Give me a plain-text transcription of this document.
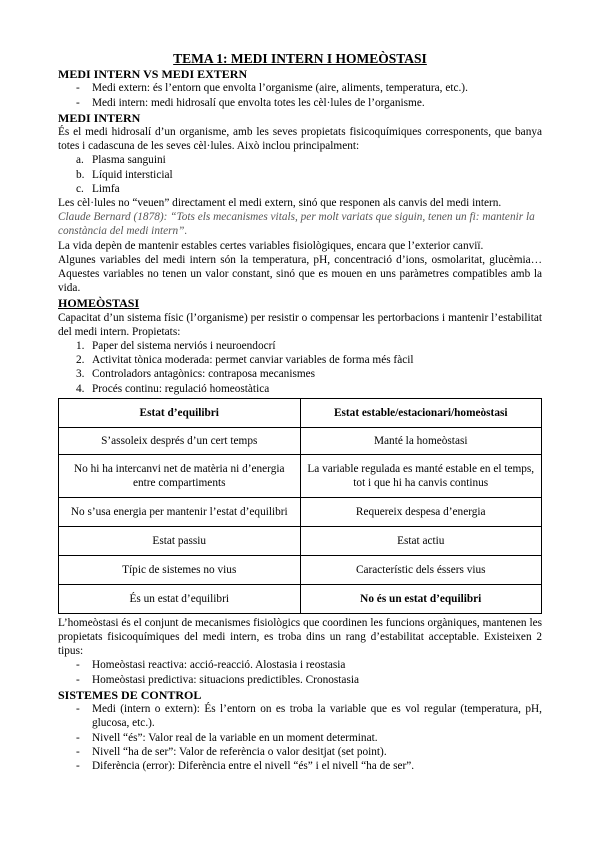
TEMA 1: MEDI INTERN I HOMEÒSTASI
MEDI INTERN VS MEDI EXTERN
- Medi extern: és l’entorn que envolta l’organisme (aire, aliments, temperatura, etc.).
- Medi intern: medi hidrosalí que envolta totes les cèl·lules de l’organisme.
MEDI INTERN

És el medi hidrosalí d’un organisme, amb les seves propietats fisicoquímiques corresponents, que banya totes i cadascuna de les seves cèl·lules. Això inclou principalment:

a. Plasma sanguini
b. Líquid intersticial
c. Limfa

Les cèl·lules no “veuen” directament el medi extern, sinó que responen als canvis del medi intern.

Claude Bernard (1878): “Tots els mecanismes vitals, per molt variats que siguin, tenen un fi: mantenir la constància del medi intern”.

La vida depèn de mantenir estables certes variables fisiològiques, encara que l’exterior canviï.

Algunes variables del medi intern són la temperatura, pH, concentració d’ions, osmolaritat, glucèmia…Aquestes variables no tenen un valor constant, sinó que es mouen en uns paràmetres compatibles amb la vida.

HOMEÒSTASI

Capacitat d’un sistema físic (l’organisme) per resistir o compensar les pertorbacions i mantenir l’estabilitat del medi intern. Propietats:

1. Paper del sistema nerviós i neuroendocrí
2. Activitat tònica moderada: permet canviar variables de forma més fàcil
3. Controladors antagònics: contraposa mecanismes
4. Procés continu: regulació homeostàtica
Estat d’equilibri	Estat estable/estacionari/homeòstasi
S’assoleix després d’un cert temps	Manté la homeòstasi
No hi ha intercanvi net de matèria ni d’energia entre compartiments	La variable regulada es manté estable en el temps, tot i que hi ha canvis continus
No s’usa energia per mantenir l’estat d’equilibri	Requereix despesa d’energia
Estat passiu	Estat actiu
Típic de sistemes no vius	Característic dels éssers vius
És un estat d’equilibri	No és un estat d’equilibri

L’homeòstasi és el conjunt de mecanismes fisiològics que coordinen les funcions orgàniques, mantenen les propietats fisicoquímiques del medi intern, es troba dins un rang d’estabilitat acceptable. Existeixen 2 tipus:

- Homeòstasi reactiva: acció-reacció. Alostasia i reostasia
- Homeòstasi predictiva: situacions predictibles. Cronostasia
SISTEMES DE CONTROL
- Medi (intern o extern): És l’entorn on es troba la variable que es vol regular (temperatura, pH, glucosa, etc.).
- Nivell “és”: Valor real de la variable en un moment determinat.
- Nivell “ha de ser”: Valor de referència o valor desitjat (set point).
- Diferència (error): Diferència entre el nivell “és” i el nivell “ha de ser”.
